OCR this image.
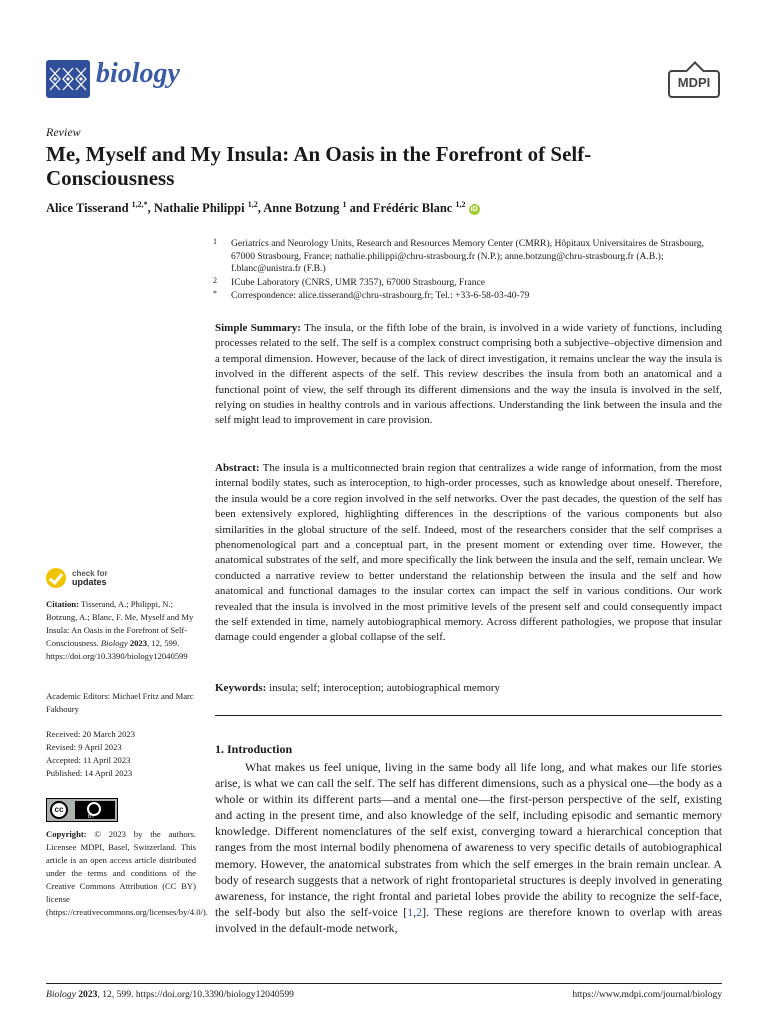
biology	MDPI
Review
Me, Myself and My Insula: An Oasis in the Forefront of Self-Consciousness
Alice Tisserand $^{1,2,*}$, Nathalie Philippi $^{1,2}$, Anne Botzung $^1$ and Frédéric Blanc $^{1,2}$ iD
1 Geriatrics and Neurology Units, Research and Resources Memory Center (CMRR), Hôpitaux Universitaires de Strasbourg, 67000 Strasbourg, France; nathalie.philippi@chru-strasbourg.fr (N.P.); anne.botzung@chru-strasbourg.fr (A.B.); f.blanc@unistra.fr (F.B.)
2 ICube Laboratory (CNRS, UMR 7357), 67000 Strasbourg, France
* Correspondence: alice.tisserand@chru-strasbourg.fr; Tel.: +33-6-58-03-40-79
Simple Summary: The insula, or the fifth lobe of the brain, is involved in a wide variety of functions, including processes related to the self. The self is a complex construct comprising both a subjective–objective dimension and a temporal dimension. However, because of the lack of direct investigation, it remains unclear the way the insula is involved in the different aspects of the self. This review describes the insula from both an anatomical and a functional point of view, the self through its different dimensions and the way the insula is involved in the self, relying on studies in healthy controls and in various affections. Understanding the link between the insula and the self might lead to improvement in care provision.
Abstract: The insula is a multiconnected brain region that centralizes a wide range of information, from the most internal bodily states, such as interoception, to high-order processes, such as knowledge about oneself. Therefore, the insula would be a core region involved in the self networks. Over the past decades, the question of the self has been extensively explored, highlighting differences in the descriptions of the various components but also similarities in the global structure of the self. Indeed, most of the researchers consider that the self comprises a phenomenological part and a conceptual part, in the present moment or extending over time. However, the anatomical substrates of the self, and more specifically the link between the insula and the self, remain unclear. We conducted a narrative review to better understand the relationship between the insula and the self and how anatomical and functional damages to the insular cortex can impact the self in various conditions. Our work revealed that the insula is involved in the most primitive levels of the present self and could consequently impact the self extended in time, namely autobiographical memory. Across different pathologies, we propose that insular damage could engender a global collapse of the self.
Keywords: insula; self; interoception; autobiographical memory
1. Introduction
What makes us feel unique, living in the same body all life long, and what makes our life stories arise, is what we can call the self. The self has different dimensions, such as a physical one—the body as a whole or within its different parts—and a mental one—the first-person perspective of the self, existing and acting in the present time, and also knowledge of the self, including episodic and semantic memory knowledge. Different nomenclatures of the self exist, converging toward a hierarchical conception that ranges from the most internal bodily phenomena of awareness to very specific details of autobiographical memory. However, the anatomical substrates from which the self emerges in the brain remain unclear. A body of research suggests that a network of right frontoparietal structures is deeply involved in generating awareness, for instance, the right frontal and parietal lobes provide the ability to recognize the self-face, the self-body but also the self-voice [1,2]. These regions are therefore known to overlap with areas involved in the default-mode network,
check for
updates
Citation: Tisserand, A.; Philippi, N.; Botzung, A.; Blanc, F. Me, Myself and My Insula: An Oasis in the Forefront of Self-Consciousness. Biology 2023, 12, 599. https://doi.org/10.3390/biology12040599
Academic Editors: Michael Fritz and Marc Fakhoury
Received: 20 March 2023
Revised: 9 April 2023
Accepted: 11 April 2023
Published: 14 April 2023
cc
BY
Copyright: © 2023 by the authors. Licensee MDPI, Basel, Switzerland. This article is an open access article distributed under the terms and conditions of the Creative Commons Attribution (CC BY) license (https://creativecommons.org/licenses/by/4.0/).
Biology 2023, 12, 599. https://doi.org/10.3390/biology12040599	https://www.mdpi.com/journal/biology
